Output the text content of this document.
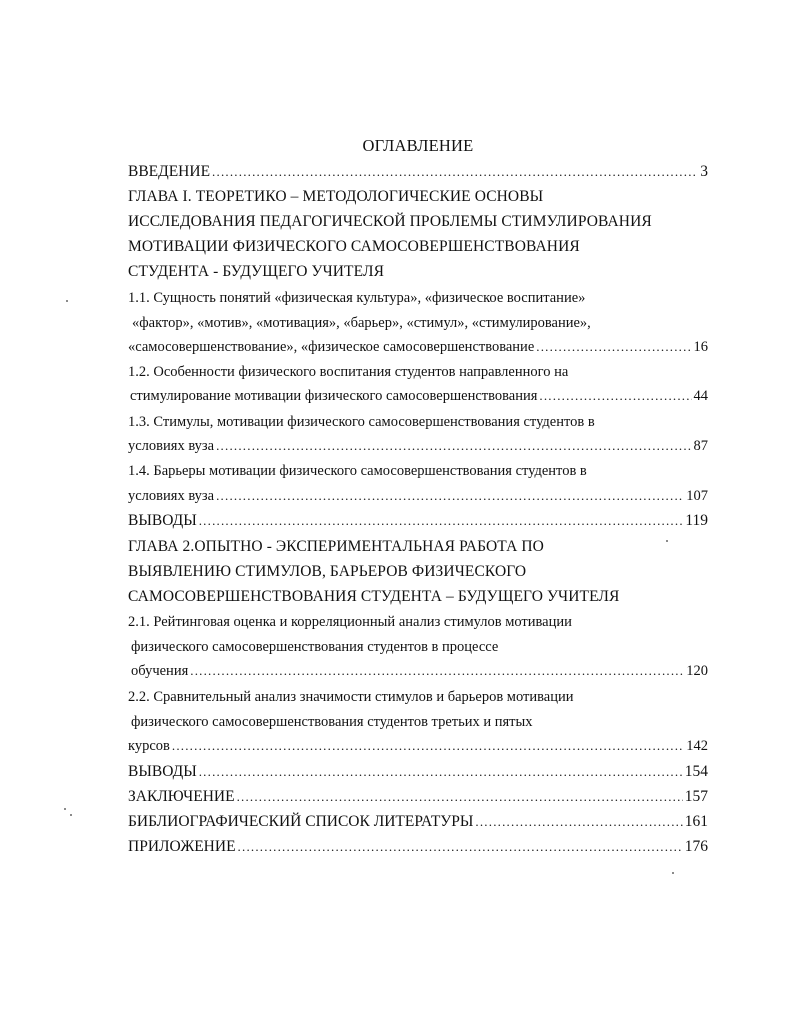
ОГЛАВЛЕНИЕ
ВВЕДЕНИЕ .....	3
ГЛАВА I. ТЕОРЕТИКО – МЕТОДОЛОГИЧЕСКИЕ ОСНОВЫ
ИССЛЕДОВАНИЯ ПЕДАГОГИЧЕСКОЙ ПРОБЛЕМЫ СТИМУЛИРОВАНИЯ
МОТИВАЦИИ ФИЗИЧЕСКОГО САМОСОВЕРШЕНСТВОВАНИЯ
СТУДЕНТА - БУДУЩЕГО УЧИТЕЛЯ
1.1. Сущность понятий «физическая культура», «физическое воспитание»
«фактор», «мотив», «мотивация», «барьер», «стимул», «стимулирование»,
«самосовершенствование», «физическое самосовершенствование .....	16
1.2. Особенности физического воспитания студентов направленного на
стимулирование мотивации физического самосовершенствования .....	44
1.3. Стимулы, мотивации физического самосовершенствования студентов в
условиях вуза .....	87
1.4. Барьеры мотивации физического самосовершенствования студентов в
условиях вуза .....	107
ВЫВОДЫ .....	119
ГЛАВА 2.ОПЫТНО - ЭКСПЕРИМЕНТАЛЬНАЯ РАБОТА ПО
ВЫЯВЛЕНИЮ СТИМУЛОВ, БАРЬЕРОВ ФИЗИЧЕСКОГО
САМОСОВЕРШЕНСТВОВАНИЯ СТУДЕНТА – БУДУЩЕГО УЧИТЕЛЯ
2.1. Рейтинговая оценка и корреляционный анализ стимулов мотивации
физического самосовершенствования студентов в процессе
обучения .....	120
2.2. Сравнительный анализ значимости стимулов и барьеров мотивации
физического самосовершенствования студентов третьих и пятых
курсов .....	142
ВЫВОДЫ .....	154
ЗАКЛЮЧЕНИЕ .....	157
БИБЛИОГРАФИЧЕСКИЙ СПИСОК ЛИТЕРАТУРЫ .....	161
ПРИЛОЖЕНИЕ .....	176
